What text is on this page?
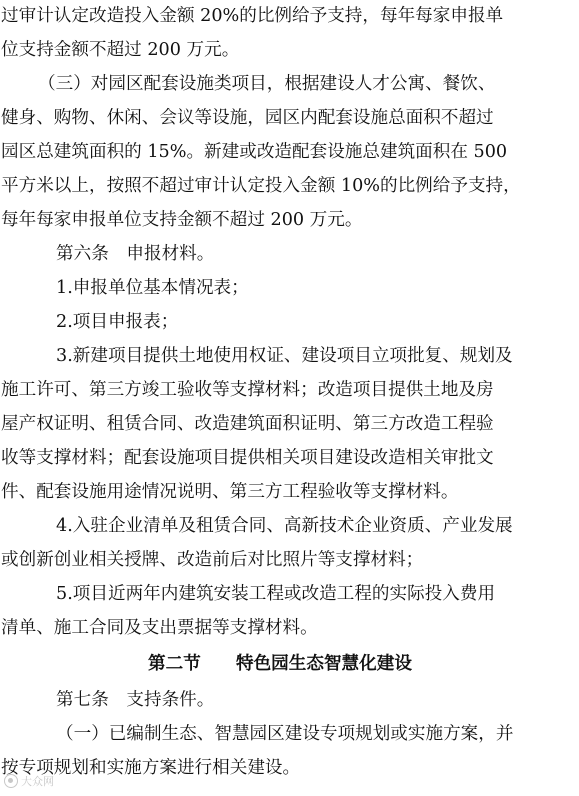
过审计认定改造投入金额 20%的比例给予支持，每年每家申报单
位支持金额不超过 200 万元。
（三）对园区配套设施类项目，根据建设人才公寓、餐饮、
健身、购物、休闲、会议等设施，园区内配套设施总面积不超过
园区总建筑面积的 15%。新建或改造配套设施总建筑面积在 500
平方米以上，按照不超过审计认定投入金额 10%的比例给予支持，
每年每家申报单位支持金额不超过 200 万元。
第六条　申报材料。
1.申报单位基本情况表；
2.项目申报表；
3.新建项目提供土地使用权证、建设项目立项批复、规划及
施工许可、第三方竣工验收等支撑材料；改造项目提供土地及房
屋产权证明、租赁合同、改造建筑面积证明、第三方改造工程验
收等支撑材料；配套设施项目提供相关项目建设改造相关审批文
件、配套设施用途情况说明、第三方工程验收等支撑材料。
4.入驻企业清单及租赁合同、高新技术企业资质、产业发展
或创新创业相关授牌、改造前后对比照片等支撑材料；
5.项目近两年内建筑安装工程或改造工程的实际投入费用
清单、施工合同及支出票据等支撑材料。
第二节　　特色园生态智慧化建设
第七条　支持条件。
（一）已编制生态、智慧园区建设专项规划或实施方案，并
按专项规划和实施方案进行相关建设。
大众网
